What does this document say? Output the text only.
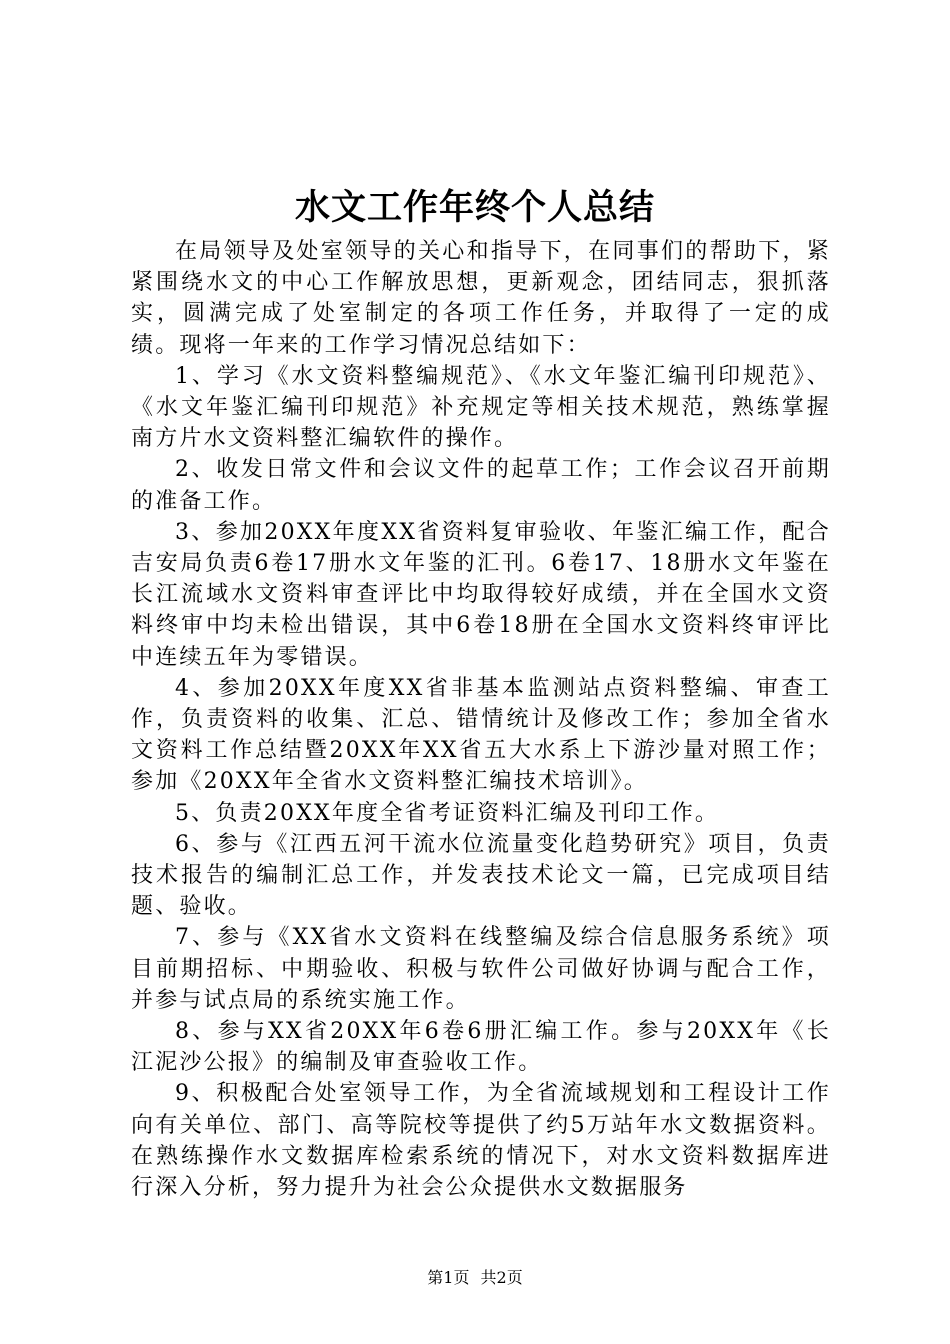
水文工作年终个人总结

在局领导及处室领导的关心和指导下，在同事们的帮助下，紧紧围绕水文的中心工作解放思想，更新观念，团结同志，狠抓落实，圆满完成了处室制定的各项工作任务，并取得了一定的成绩。现将一年来的工作学习情况总结如下：

1、学习《水文资料整编规范》、《水文年鉴汇编刊印规范》、《水文年鉴汇编刊印规范》补充规定等相关技术规范，熟练掌握南方片水文资料整汇编软件的操作。

2、收发日常文件和会议文件的起草工作；工作会议召开前期的准备工作。

3、参加20XX年度XX省资料复审验收、年鉴汇编工作，配合吉安局负责6卷17册水文年鉴的汇刊。6卷17、18册水文年鉴在长江流域水文资料审查评比中均取得较好成绩，并在全国水文资料终审中均未检出错误，其中6卷18册在全国水文资料终审评比中连续五年为零错误。

4、参加20XX年度XX省非基本监测站点资料整编、审查工作，负责资料的收集、汇总、错情统计及修改工作；参加全省水文资料工作总结暨20XX年XX省五大水系上下游沙量对照工作；参加《20XX年全省水文资料整汇编技术培训》。

5、负责20XX年度全省考证资料汇编及刊印工作。

6、参与《江西五河干流水位流量变化趋势研究》项目，负责技术报告的编制汇总工作，并发表技术论文一篇，已完成项目结题、验收。

7、参与《XX省水文资料在线整编及综合信息服务系统》项目前期招标、中期验收、积极与软件公司做好协调与配合工作，并参与试点局的系统实施工作。

8、参与XX省20XX年6卷6册汇编工作。参与20XX年《长江泥沙公报》的编制及审查验收工作。

9、积极配合处室领导工作，为全省流域规划和工程设计工作向有关单位、部门、高等院校等提供了约5万站年水文数据资料。在熟练操作水文数据库检索系统的情况下，对水文资料数据库进行深入分析，努力提升为社会公众提供水文数据服务

第1页 共2页
